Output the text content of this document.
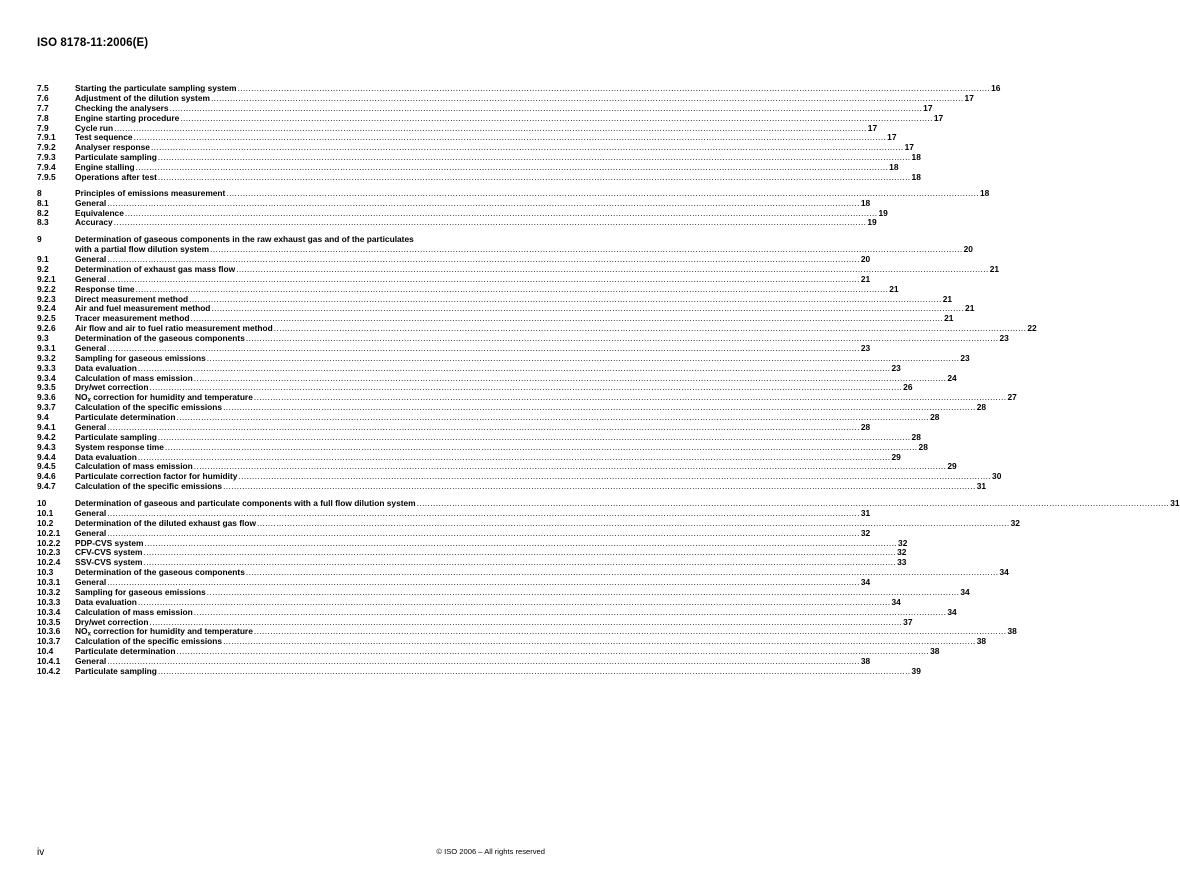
ISO 8178-11:2006(E)
7.5	Starting the particulate sampling system .....	16
7.6	Adjustment of the dilution system .....	17
7.7	Checking the analysers .....	17
7.8	Engine starting procedure .....	17
7.9	Cycle run .....	17
7.9.1	Test sequence .....	17
7.9.2	Analyser response .....	17
7.9.3	Particulate sampling .....	18
7.9.4	Engine stalling .....	18
7.9.5	Operations after test .....	18
8	Principles of emissions measurement .....	18
8.1	General .....	18
8.2	Equivalence .....	19
8.3	Accuracy .....	19
9	Determination of gaseous components in the raw exhaust gas and of the particulates
with a partial flow dilution system .....	20
9.1	General .....	20
9.2	Determination of exhaust gas mass flow .....	21
9.2.1	General .....	21
9.2.2	Response time .....	21
9.2.3	Direct measurement method .....	21
9.2.4	Air and fuel measurement method .....	21
9.2.5	Tracer measurement method .....	21
9.2.6	Air flow and air to fuel ratio measurement method .....	22
9.3	Determination of the gaseous components .....	23
9.3.1	General .....	23
9.3.2	Sampling for gaseous emissions .....	23
9.3.3	Data evaluation .....	23
9.3.4	Calculation of mass emission .....	24
9.3.5	Dry/wet correction .....	26
9.3.6	$NO_x$ correction for humidity and temperature .....	27
9.3.7	Calculation of the specific emissions .....	28
9.4	Particulate determination .....	28
9.4.1	General .....	28
9.4.2	Particulate sampling .....	28
9.4.3	System response time .....	28
9.4.4	Data evaluation .....	29
9.4.5	Calculation of mass emission .....	29
9.4.6	Particulate correction factor for humidity .....	30
9.4.7	Calculation of the specific emissions .....	31
10	Determination of gaseous and particulate components with a full flow dilution system .....	31
10.1	General .....	31
10.2	Determination of the diluted exhaust gas flow .....	32
10.2.1	General .....	32
10.2.2	PDP-CVS system .....	32
10.2.3	CFV-CVS system .....	32
10.2.4	SSV-CVS system .....	33
10.3	Determination of the gaseous components .....	34
10.3.1	General .....	34
10.3.2	Sampling for gaseous emissions .....	34
10.3.3	Data evaluation .....	34
10.3.4	Calculation of mass emission .....	34
10.3.5	Dry/wet correction .....	37
10.3.6	$NO_x$ correction for humidity and temperature .....	38
10.3.7	Calculation of the specific emissions .....	38
10.4	Particulate determination .....	38
10.4.1	General .....	38
10.4.2	Particulate sampling .....	39
iv	© ISO 2006 – All rights reserved
